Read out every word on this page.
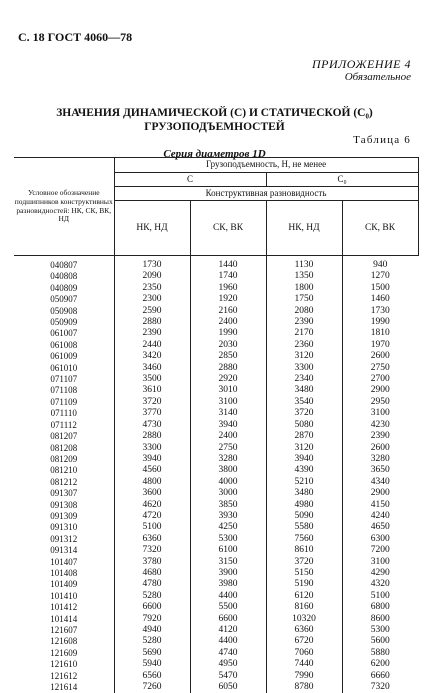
С. 18 ГОСТ 4060—78
ПРИЛОЖЕНИЕ 4
Обязательное
ЗНАЧЕНИЯ ДИНАМИЧЕСКОЙ (C) И СТАТИЧЕСКОЙ (C₀)
ГРУЗОПОДЪЕМНОСТЕЙ
Таблица 6
Серия диаметров 1D
Условное обозначение подшипников конструктивных разновидностей: НК, СК, ВК, НД	Грузоподъемность, Н, не менее			
	C		C₀	
	Конструктивная разновидность			
	НК, НД	СК, ВК	НК, НД	СК, ВК
040807	1730	1440	1130	940
040808	2090	1740	1350	1270
040809	2350	1960	1800	1500
050907	2300	1920	1750	1460
050908	2590	2160	2080	1730
050909	2880	2400	2390	1990
061007	2390	1990	2170	1810
061008	2440	2030	2360	1970
061009	3420	2850	3120	2600
061010	3460	2880	3300	2750
071107	3500	2920	2340	2700
071108	3610	3010	3480	2900
071109	3720	3100	3540	2950
071110	3770	3140	3720	3100
071112	4730	3940	5080	4230
081207	2880	2400	2870	2390
081208	3300	2750	3120	2600
081209	3940	3280	3940	3280
081210	4560	3800	4390	3650
081212	4800	4000	5210	4340
091307	3600	3000	3480	2900
091308	4620	3850	4980	4150
091309	4720	3930	5090	4240
091310	5100	4250	5580	4650
091312	6360	5300	7560	6300
091314	7320	6100	8610	7200
101407	3780	3150	3720	3100
101408	4680	3900	5150	4290
101409	4780	3980	5190	4320
101410	5280	4400	6120	5100
101412	6600	5500	8160	6800
101414	7920	6600	10320	8600
121607	4940	4120	6360	5300
121608	5280	4400	6720	5600
121609	5690	4740	7060	5880
121610	5940	4950	7440	6200
121612	6560	5470	7990	6660
121614	7260	6050	8780	7320
